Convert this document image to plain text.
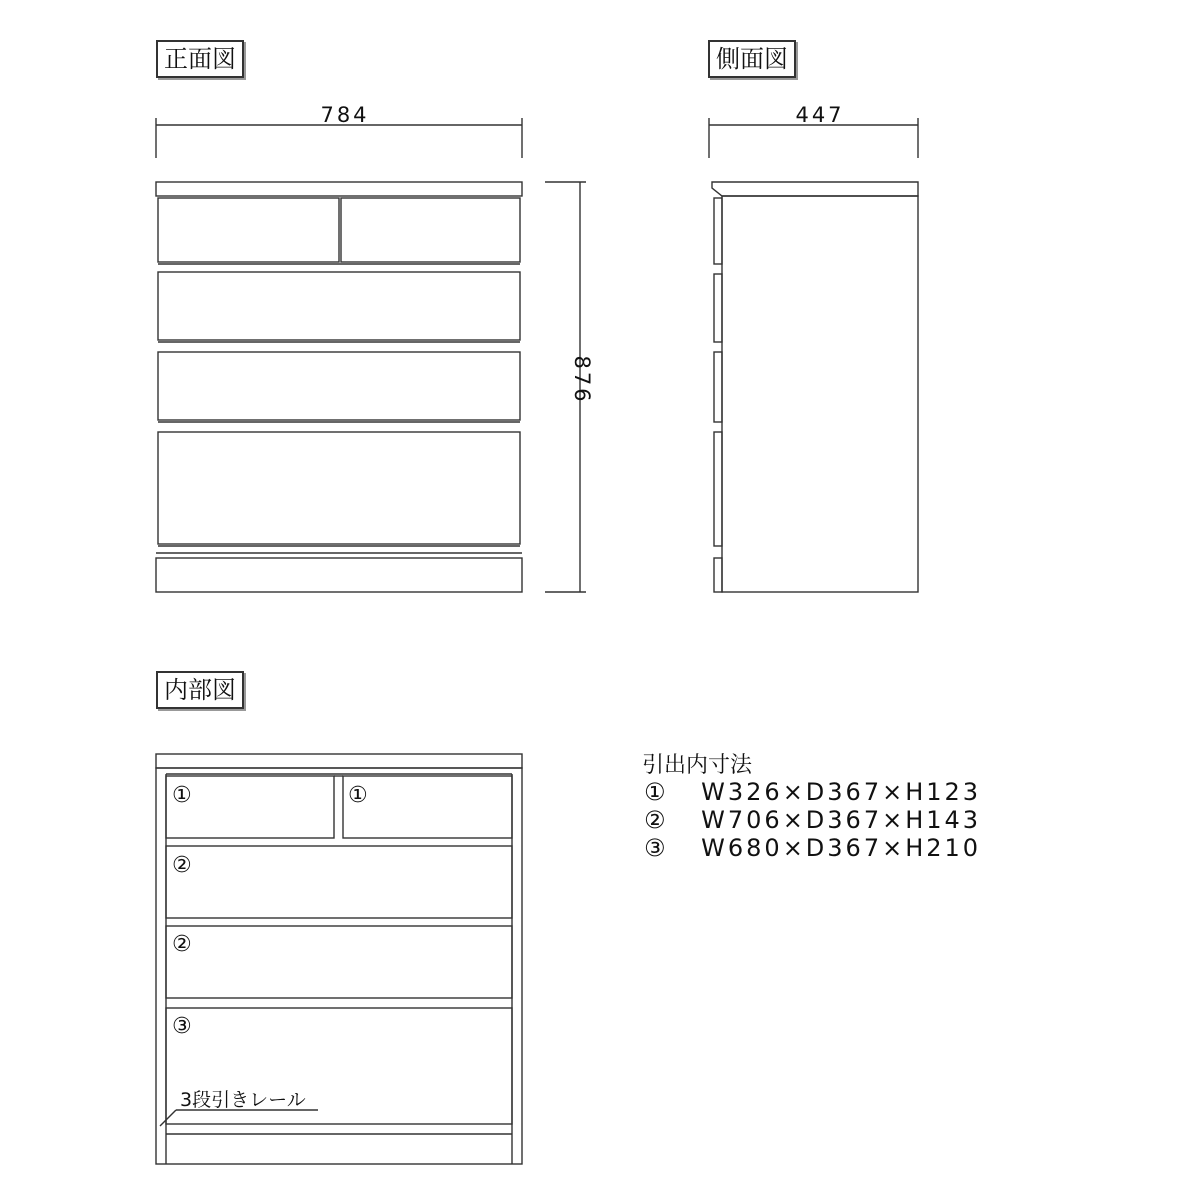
正面図	側面図
内部図
784	447
876
①	①
②
②
③
3段引きレール
引出内寸法
① W326×D367×H123
② W706×D367×H143
③ W680×D367×H210
